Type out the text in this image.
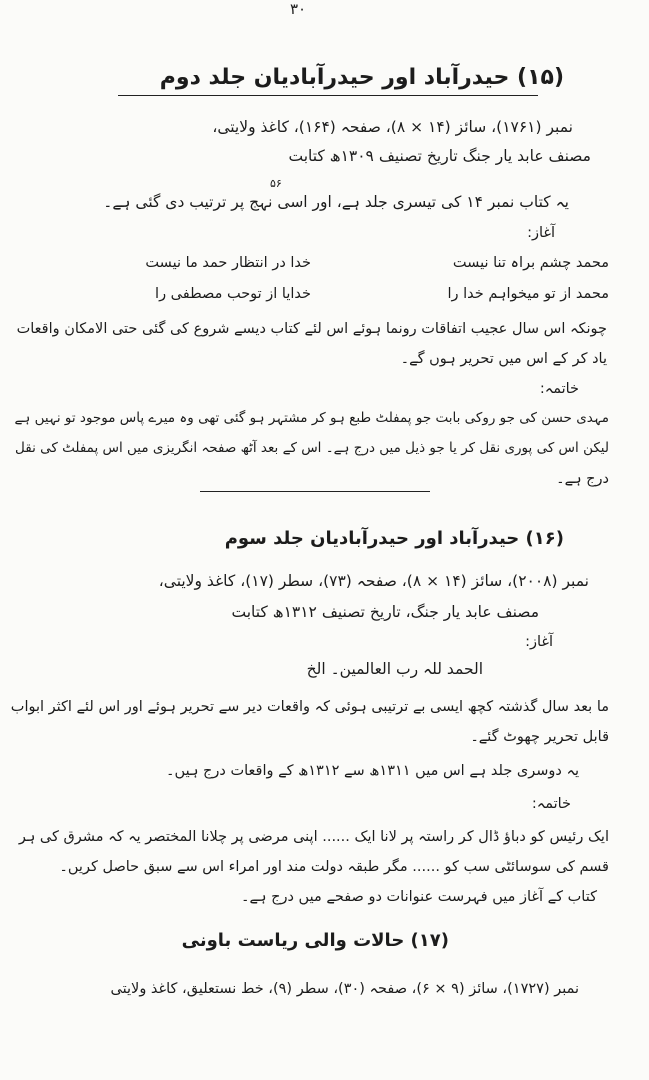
۳۰
(۱۵) حیدرآباد اور حیدرآبادیان جلد دوم
نمبر (۱۷۶۱)، سائز (۱۴ × ۸)، صفحہ (۱۶۴)، کاغذ ولایتی،
مصنف عابد یار جنگ تاریخ تصنیف ۱۳۰۹ھ کتابت
۵۶
یہ کتاب نمبر ۱۴ کی تیسری جلد ہے، اور اسی نہج پر ترتیب دی گئی ہے۔
آغاز:
محمد چشم براہ تنا نیست
خدا در انتظار حمد ما نیست
محمد از تو میخواہم خدا را
خدایا از توحب مصطفی را
چونکہ اس سال عجیب اتفاقات رونما ہوئے اس لئے کتاب دیسے شروع کی گئی حتی الامکان واقعات
یاد کر کے اس میں تحریر ہوں گے۔
خاتمہ:
مہدی حسن کی جو روکی بابت جو پمفلٹ طبع ہو کر مشتہر ہو گئی تھی وہ میرے پاس موجود تو نہیں ہے
لیکن اس کی پوری نقل کر یا جو ذیل میں درج ہے۔ اس کے بعد آٹھ صفحہ انگریزی میں اس پمفلٹ کی نقل
درج ہے۔
(۱۶) حیدرآباد اور حیدرآبادیان جلد سوم
نمبر (۲۰۰۸)، سائز (۱۴ × ۸)، صفحہ (۷۳)، سطر (۱۷)، کاغذ ولایتی،
مصنف عابد یار جنگ، تاریخ تصنیف ۱۳۱۲ھ کتابت
آغاز:
الحمد للہ رب العالمین۔ الخ
ما بعد سال گذشتہ کچھ ایسی بے ترتیبی ہوئی کہ واقعات دیر سے تحریر ہوئے اور اس لئے اکثر ابواب
قابل تحریر چھوٹ گئے۔
یہ دوسری جلد ہے اس میں ۱۳۱۱ھ سے ۱۳۱۲ھ کے واقعات درج ہیں۔
خاتمہ:
ایک رئیس کو دباؤ ڈال کر راستہ پر لانا ایک ...... اپنی مرضی پر چلانا المختصر یہ کہ مشرق کی ہر
قسم کی سوسائٹی سب کو ...... مگر طبقہ دولت مند اور امراء اس سے سبق حاصل کریں۔
کتاب کے آغاز میں فہرست عنوانات دو صفحے میں درج ہے۔
(۱۷) حالات والی ریاست باونی
نمبر (۱۷۲۷)، سائز (۹ × ۶)، صفحہ (۳۰)، سطر (۹)، خط نستعلیق، کاغذ ولایتی
